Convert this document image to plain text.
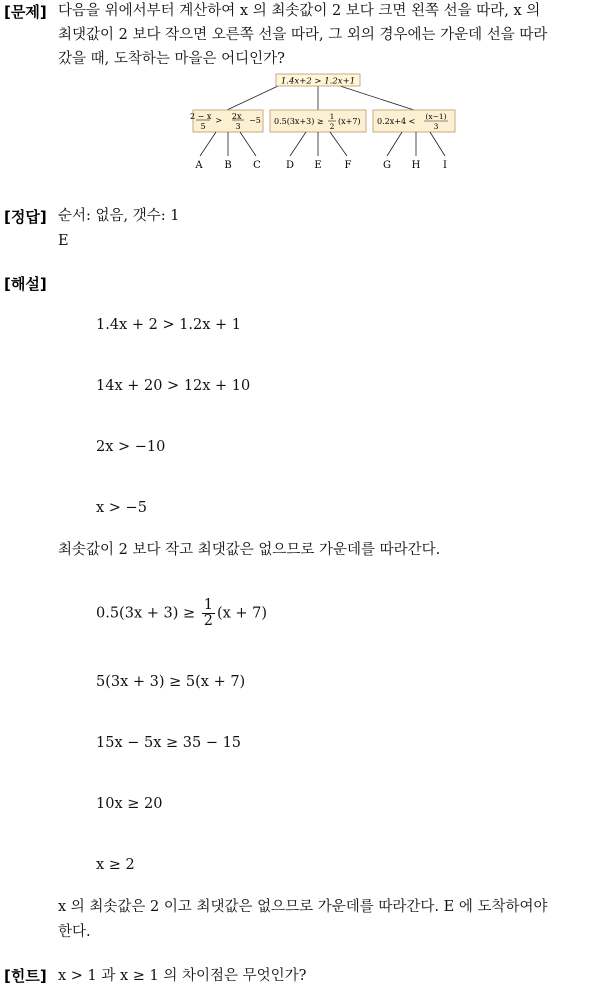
[문제] 다음을 위에서부터 계산하여 x 의 최솟값이 2 보다 크면 왼쪽 선을 따라, x 의
최댓값이 2 보다 작으면 오른쪽 선을 따라, 그 외의 경우에는 가운데 선을 따라
갔을 때, 도착하는 마을은 어디인가?
1.4x+2 > 1.2x+1
2 − x > 2x −5
5	3
0.5(3x+3) ≥
1
2
(x+7) 0.2x+4 <
(x−1)
3
A B C	D E F	G H I
[정답] 순서: 없음, 갯수: 1
E
[해설]
1.4x + 2 > 1.2x + 1
14x + 20 > 12x + 10
2x > −10
x > −5
최솟값이 2 보다 작고 최댓값은 없으므로 가운데를 따라간다.
$0.5(3x + 3) \ge \frac{1}{2} (x + 7)$
5(3x + 3) ≥ 5(x + 7)
15x − 5x ≥ 35 − 15
10x ≥ 20
x ≥ 2
x 의 최솟값은 2 이고 최댓값은 없으므로 가운데를 따라간다. E 에 도착하여야
한다.
[힌트] x > 1 과 x ≥ 1 의 차이점은 무엇인가?
